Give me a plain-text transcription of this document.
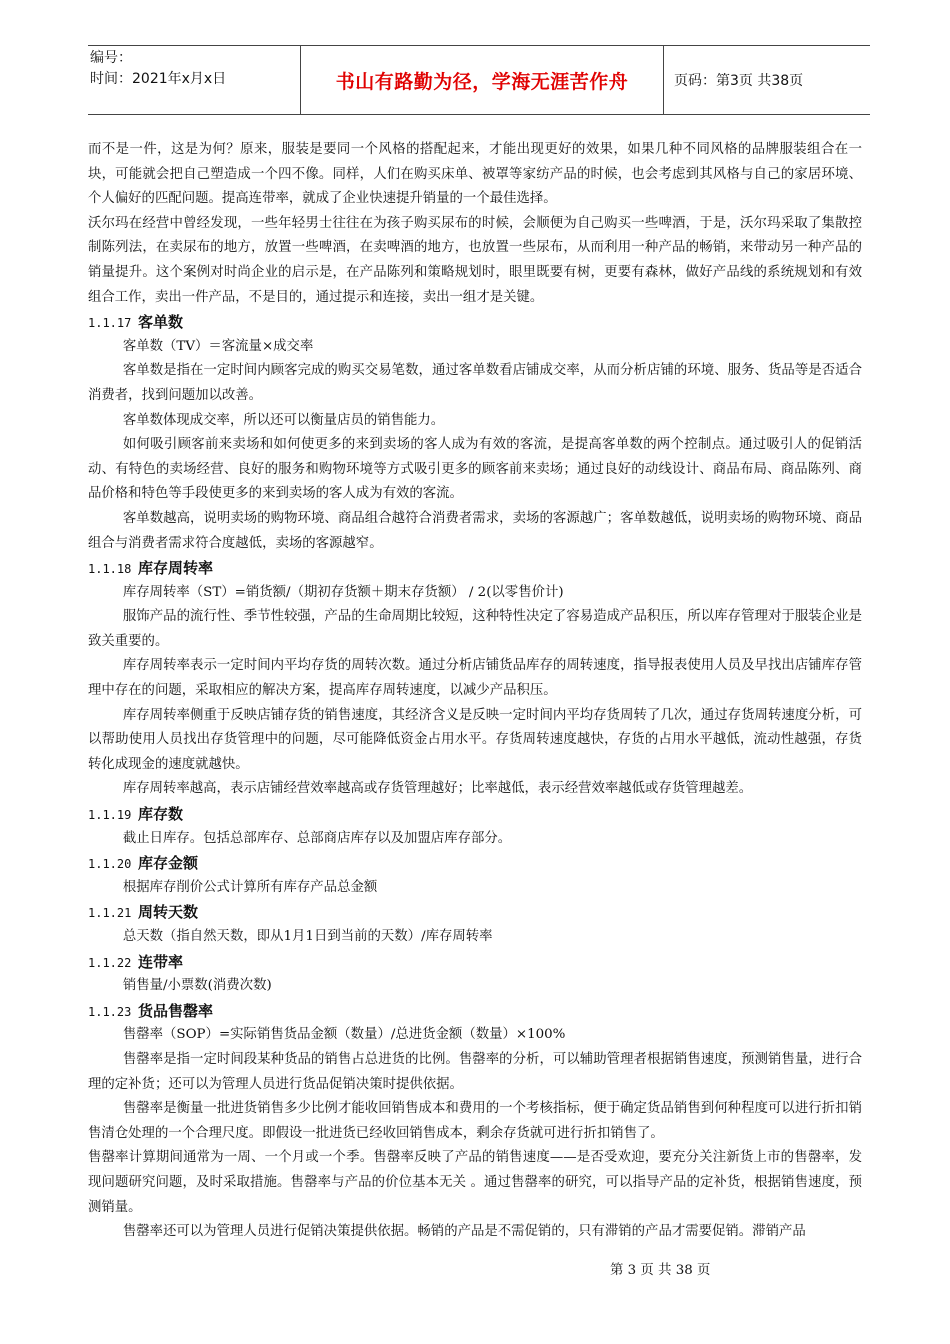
编号：
时间：2021年x月x日	书山有路勤为径，学海无涯苦作舟	页码：第3页 共38页

而不是一件，这是为何？原来，服装是要同一个风格的搭配起来，才能出现更好的效果，如果几种不同风格的品牌服装组合在一块，可能就会把自己塑造成一个四不像。同样，人们在购买床单、被罩等家纺产品的时候，也会考虑到其风格与自己的家居环境、个人偏好的匹配问题。提高连带率，就成了企业快速提升销量的一个最佳选择。

沃尔玛在经营中曾经发现，一些年轻男士往往在为孩子购买尿布的时候，会顺便为自己购买一些啤酒，于是，沃尔玛采取了集散控制陈列法，在卖尿布的地方，放置一些啤酒，在卖啤酒的地方，也放置一些尿布，从而利用一种产品的畅销，来带动另一种产品的销量提升。这个案例对时尚企业的启示是，在产品陈列和策略规划时，眼里既要有树，更要有森林，做好产品线的系统规划和有效组合工作，卖出一件产品，不是目的，通过提示和连接，卖出一组才是关键。

1.1.17 客单数

客单数（TV）＝客流量×成交率

客单数是指在一定时间内顾客完成的购买交易笔数，通过客单数看店铺成交率，从而分析店铺的环境、服务、货品等是否适合消费者，找到问题加以改善。

客单数体现成交率，所以还可以衡量店员的销售能力。

如何吸引顾客前来卖场和如何使更多的来到卖场的客人成为有效的客流，是提高客单数的两个控制点。通过吸引人的促销活动、有特色的卖场经营、良好的服务和购物环境等方式吸引更多的顾客前来卖场；通过良好的动线设计、商品布局、商品陈列、商品价格和特色等手段使更多的来到卖场的客人成为有效的客流。

客单数越高，说明卖场的购物环境、商品组合越符合消费者需求，卖场的客源越广；客单数越低，说明卖场的购物环境、商品组合与消费者需求符合度越低，卖场的客源越窄。

1.1.18 库存周转率

库存周转率（ST）=销货额/（期初存货额＋期末存货额） / 2(以零售价计)

服饰产品的流行性、季节性较强，产品的生命周期比较短，这种特性决定了容易造成产品积压，所以库存管理对于服装企业是致关重要的。

库存周转率表示一定时间内平均存货的周转次数。通过分析店铺货品库存的周转速度，指导报表使用人员及早找出店铺库存管理中存在的问题，采取相应的解决方案，提高库存周转速度，以减少产品积压。

库存周转率侧重于反映店铺存货的销售速度，其经济含义是反映一定时间内平均存货周转了几次，通过存货周转速度分析，可以帮助使用人员找出存货管理中的问题，尽可能降低资金占用水平。存货周转速度越快，存货的占用水平越低，流动性越强，存货转化成现金的速度就越快。

库存周转率越高，表示店铺经营效率越高或存货管理越好；比率越低，表示经营效率越低或存货管理越差。

1.1.19 库存数

截止日库存。包括总部库存、总部商店库存以及加盟店库存部分。

1.1.20 库存金额

根据库存削价公式计算所有库存产品总金额

1.1.21 周转天数

总天数（指自然天数，即从1月1日到当前的天数）/库存周转率

1.1.22 连带率

销售量/小票数(消费次数)

1.1.23 货品售罄率

售罄率（SOP）=实际销售货品金额（数量）/总进货金额（数量）×100%

售罄率是指一定时间段某种货品的销售占总进货的比例。售罄率的分析，可以辅助管理者根据销售速度，预测销售量，进行合理的定补货；还可以为管理人员进行货品促销决策时提供依据。

售罄率是衡量一批进货销售多少比例才能收回销售成本和费用的一个考核指标，便于确定货品销售到何种程度可以进行折扣销售清仓处理的一个合理尺度。即假设一批进货已经收回销售成本，剩余存货就可进行折扣销售了。

售罄率计算期间通常为一周、一个月或一个季。售罄率反映了产品的销售速度——是否受欢迎，要充分关注新货上市的售罄率，发现问题研究问题，及时采取措施。售罄率与产品的价位基本无关 。通过售罄率的研究，可以指导产品的定补货，根据销售速度，预测销量。

售罄率还可以为管理人员进行促销决策提供依据。畅销的产品是不需促销的，只有滞销的产品才需要促销。滞销产品

第 3 页 共 38 页
